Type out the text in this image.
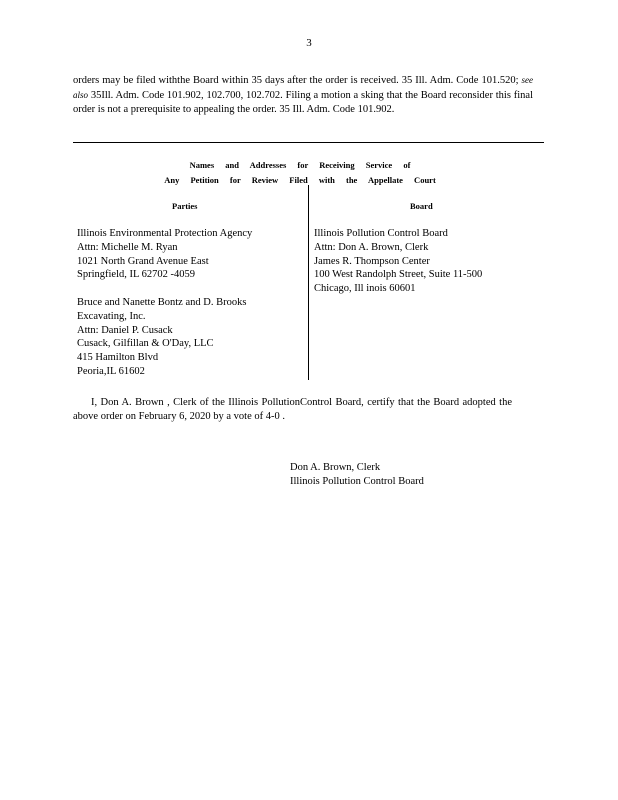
3
orders may be filed withthe Board within 35 days after the order is received. 35 Ill. Adm. Code 101.520; see also 35Ill. Adm. Code 101.902, 102.700, 102.702. Filing a motion a sking that the Board reconsider this final order is not a prerequisite to appealing the order. 35 Ill. Adm. Code 101.902.
Names and Addresses for Receiving Service of
Any Petition for Review Filed with the Appellate Court
Parties	Board
Illinois Environmental Protection Agency
Attn: Michelle M. Ryan
1021 North Grand Avenue East
Springfield, IL 62702 -4059
Bruce and Nanette Bontz and D. Brooks
Excavating, Inc.
Attn: Daniel P. Cusack
Cusack, Gilfillan & O'Day, LLC
415 Hamilton Blvd
Peoria,IL 61602
Illinois Pollution Control Board
Attn: Don A. Brown, Clerk
James R. Thompson Center
100 West Randolph Street, Suite 11-500
Chicago, Ill inois 60601
I, Don A. Brown , Clerk of the Illinois PollutionControl Board, certify that the Board adopted the above order on February 6, 2020 by a vote of 4-0 .
Don A. Brown, Clerk
Illinois Pollution Control Board
